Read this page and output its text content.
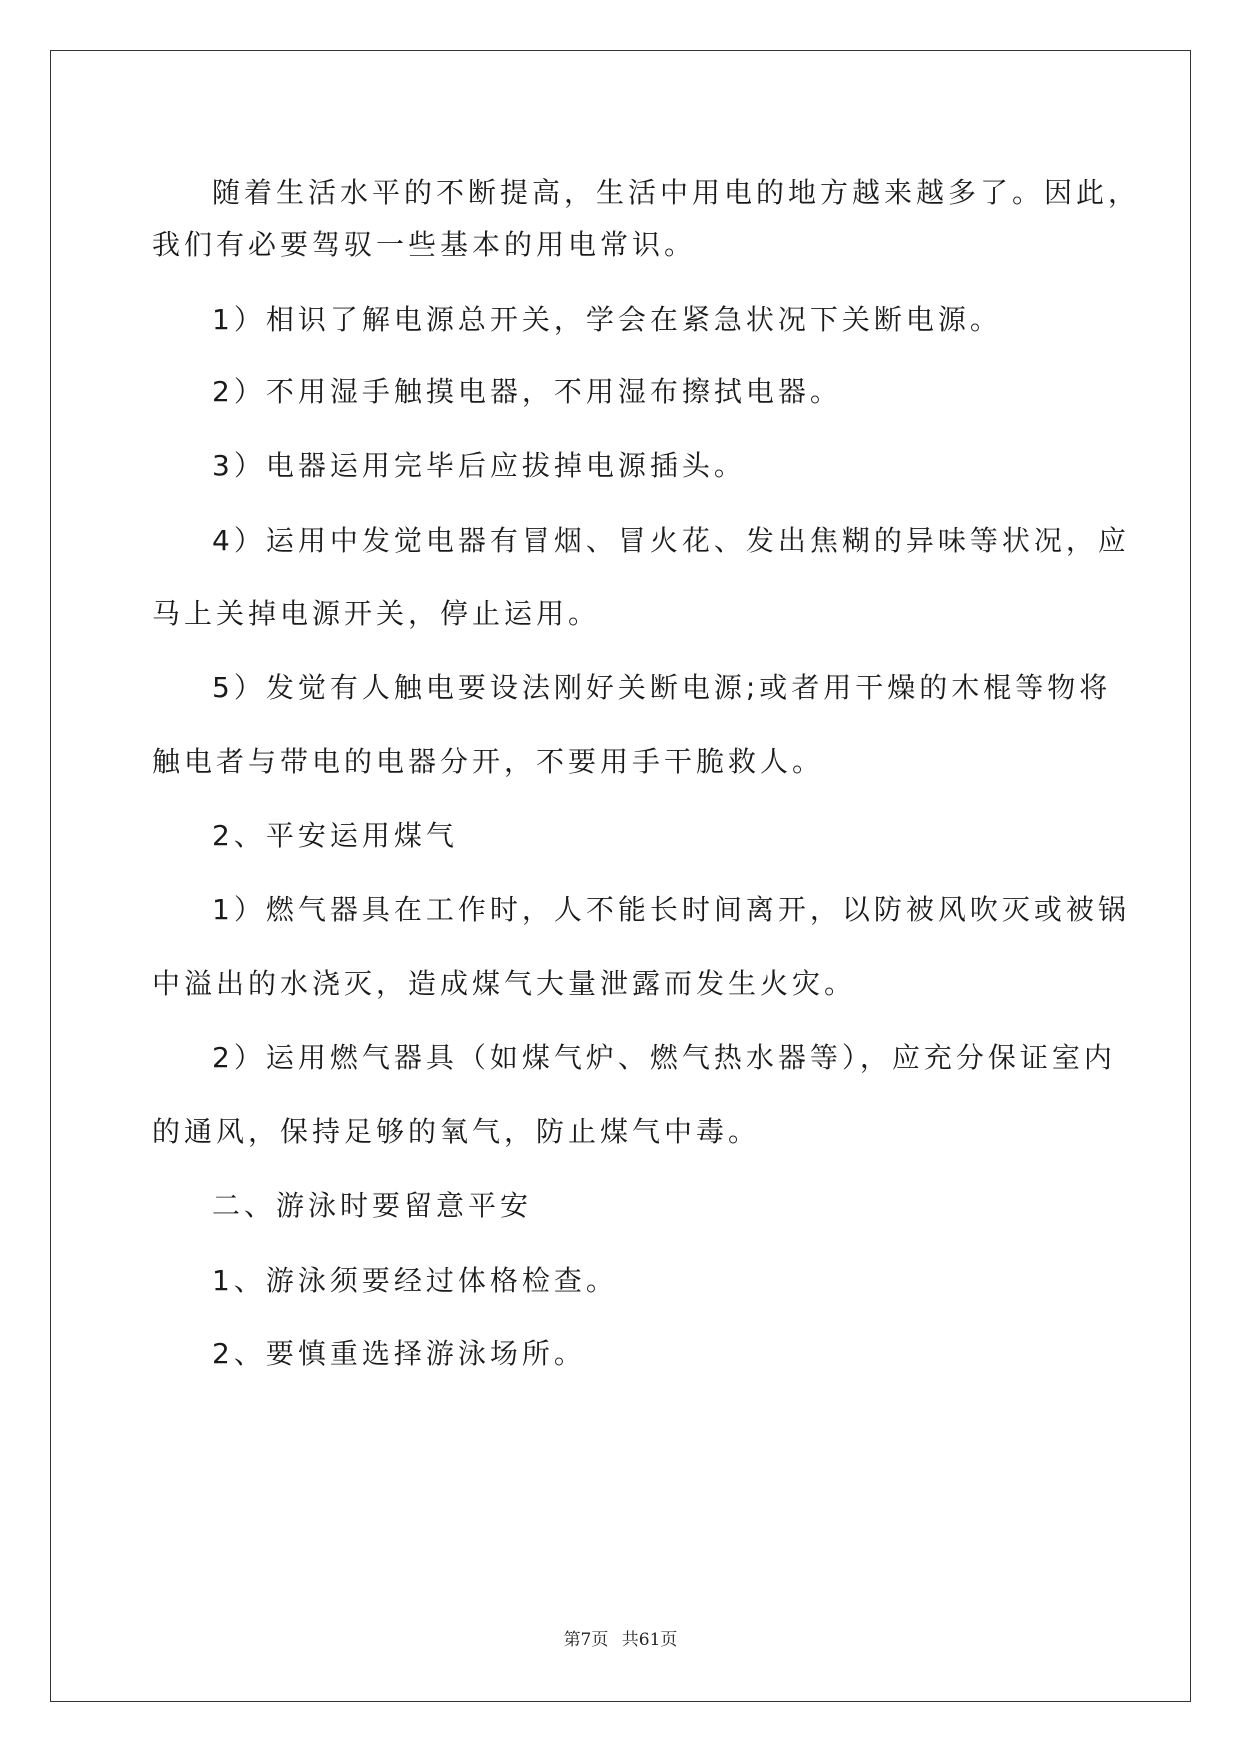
随着生活水平的不断提高，生活中用电的地方越来越多了。因此，
我们有必要驾驭一些基本的用电常识。
1）相识了解电源总开关，学会在紧急状况下关断电源。
2）不用湿手触摸电器，不用湿布擦拭电器。
3）电器运用完毕后应拔掉电源插头。
4）运用中发觉电器有冒烟、冒火花、发出焦糊的异味等状况，应
马上关掉电源开关，停止运用。
5）发觉有人触电要设法刚好关断电源;或者用干燥的木棍等物将
触电者与带电的电器分开，不要用手干脆救人。
2、平安运用煤气
1）燃气器具在工作时，人不能长时间离开，以防被风吹灭或被锅
中溢出的水浇灭，造成煤气大量泄露而发生火灾。
2）运用燃气器具（如煤气炉、燃气热水器等），应充分保证室内
的通风，保持足够的氧气，防止煤气中毒。
二、游泳时要留意平安
1、游泳须要经过体格检查。
2、要慎重选择游泳场所。
第7页 共61页
